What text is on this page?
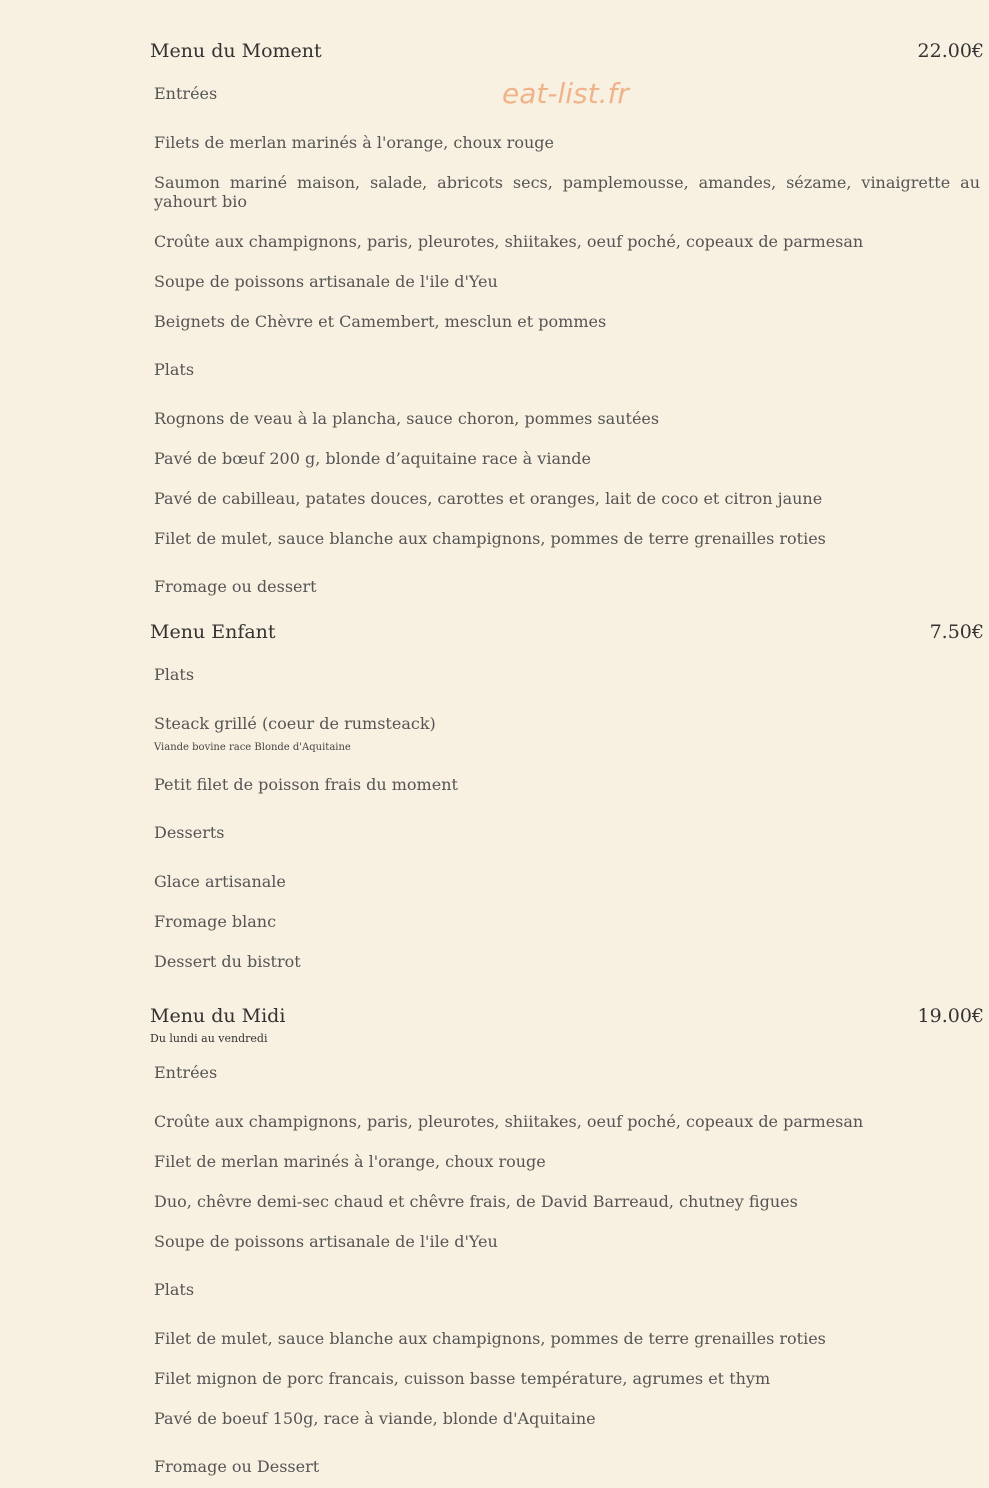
eat-list.fr
Menu du Moment	22.00€
Entrées
Filets de merlan marinés à l'orange, choux rouge
Saumon mariné maison, salade, abricots secs, pamplemousse, amandes, sézame, vinaigrette au yahourt bio
Croûte aux champignons, paris, pleurotes, shiitakes, oeuf poché, copeaux de parmesan
Soupe de poissons artisanale de l'ile d'Yeu
Beignets de Chèvre et Camembert, mesclun et pommes
Plats
Rognons de veau à la plancha, sauce choron, pommes sautées
Pavé de bœuf 200 g, blonde d’aquitaine race à viande
Pavé de cabilleau, patates douces, carottes et oranges, lait de coco et citron jaune
Filet de mulet, sauce blanche aux champignons, pommes de terre grenailles roties
Fromage ou dessert
Menu Enfant	7.50€
Plats
Steack grillé (coeur de rumsteack)
Viande bovine race Blonde d'Aquitaine
Petit filet de poisson frais du moment
Desserts
Glace artisanale
Fromage blanc
Dessert du bistrot
Menu du Midi	19.00€
Du lundi au vendredi
Entrées
Croûte aux champignons, paris, pleurotes, shiitakes, oeuf poché, copeaux de parmesan
Filet de merlan marinés à l'orange, choux rouge
Duo, chêvre demi-sec chaud et chêvre frais, de David Barreaud, chutney figues
Soupe de poissons artisanale de l'ile d'Yeu
Plats
Filet de mulet, sauce blanche aux champignons, pommes de terre grenailles roties
Filet mignon de porc francais, cuisson basse température, agrumes et thym
Pavé de boeuf 150g, race à viande, blonde d'Aquitaine
Fromage ou Dessert
